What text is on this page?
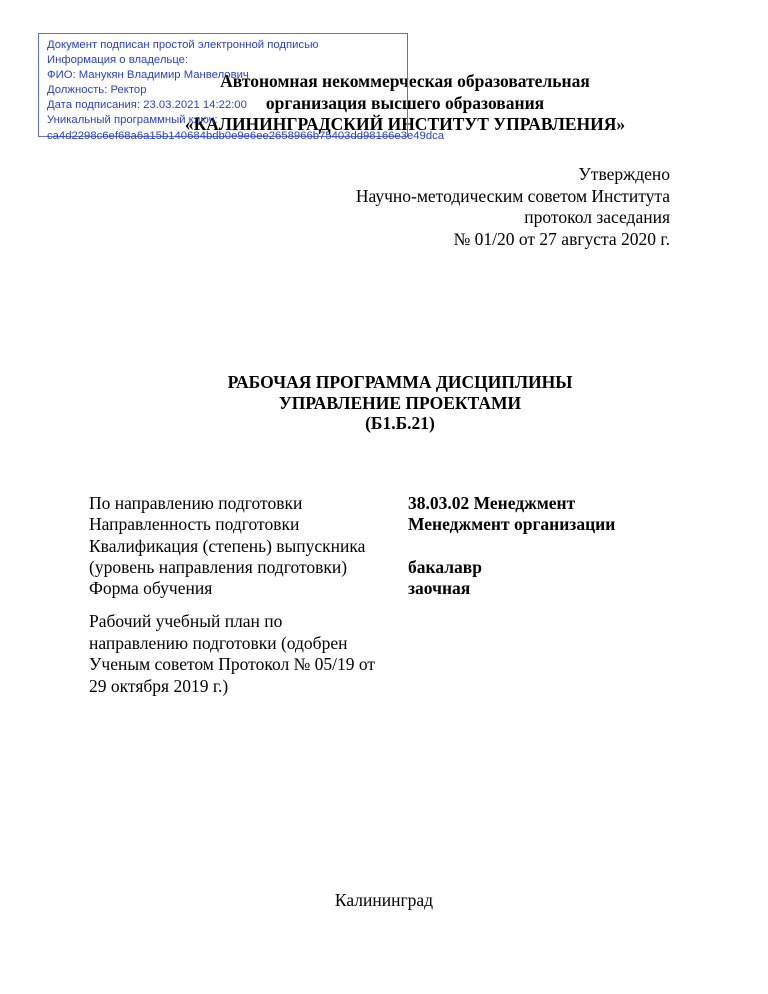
Документ подписан простой электронной подписью
Информация о владельце:
ФИО: Манукян Владимир Манвелович
Должность: Ректор
Дата подписания: 23.03.2021 14:22:00
Уникальный программный ключ:
ca4d2298c6ef68a6a15b140684bdb0e9e6ee2658966b75403dd98166e3e49dca
Автономная некоммерческая образовательная
организация высшего образования
«КАЛИНИНГРАДСКИЙ ИНСТИТУТ УПРАВЛЕНИЯ»
Утверждено
Научно-методическим советом Института
протокол заседания
№ 01/20 от 27 августа 2020 г.
РАБОЧАЯ ПРОГРАММА ДИСЦИПЛИНЫ
УПРАВЛЕНИЕ ПРОЕКТАМИ
(Б1.Б.21)
По направлению подготовки	38.03.02 Менеджмент
Направленность подготовки	Менеджмент организации
Квалификация (степень) выпускника
(уровень направления подготовки)	бакалавр
Форма обучения	заочная
Рабочий учебный план по
направлению подготовки (одобрен
Ученым советом Протокол № 05/19 от
29 октября 2019 г.)
Калининград
